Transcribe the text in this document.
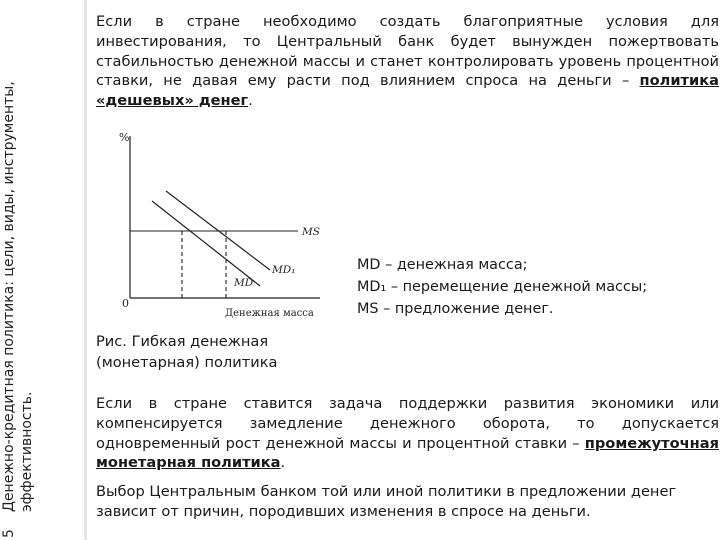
5
Денежно-кредитная политика: цели, виды, инструменты, эффективность.
Если в стране необходимо создать благоприятные условия для инвестирования, то Центральный банк будет вынужден пожертвовать стабильностью денежной массы и станет контролировать уровень процентной ставки, не давая ему расти под влиянием спроса на деньги – политика «дешевых» денег.
%
0
MS
MD₁
MD
Денежная масса
MD – денежная масса;
MD₁ – перемещение денежной массы;
MS – предложение денег.
Рис. Гибкая денежная
(монетарная) политика
Если в стране ставится задача поддержки развития экономики или компенсируется замедление денежного оборота, то допускается одновременный рост денежной массы и процентной ставки – промежуточная монетарная политика.
Выбор Центральным банком той или иной политики в предложении денег зависит от причин, породивших изменения в спросе на деньги.
